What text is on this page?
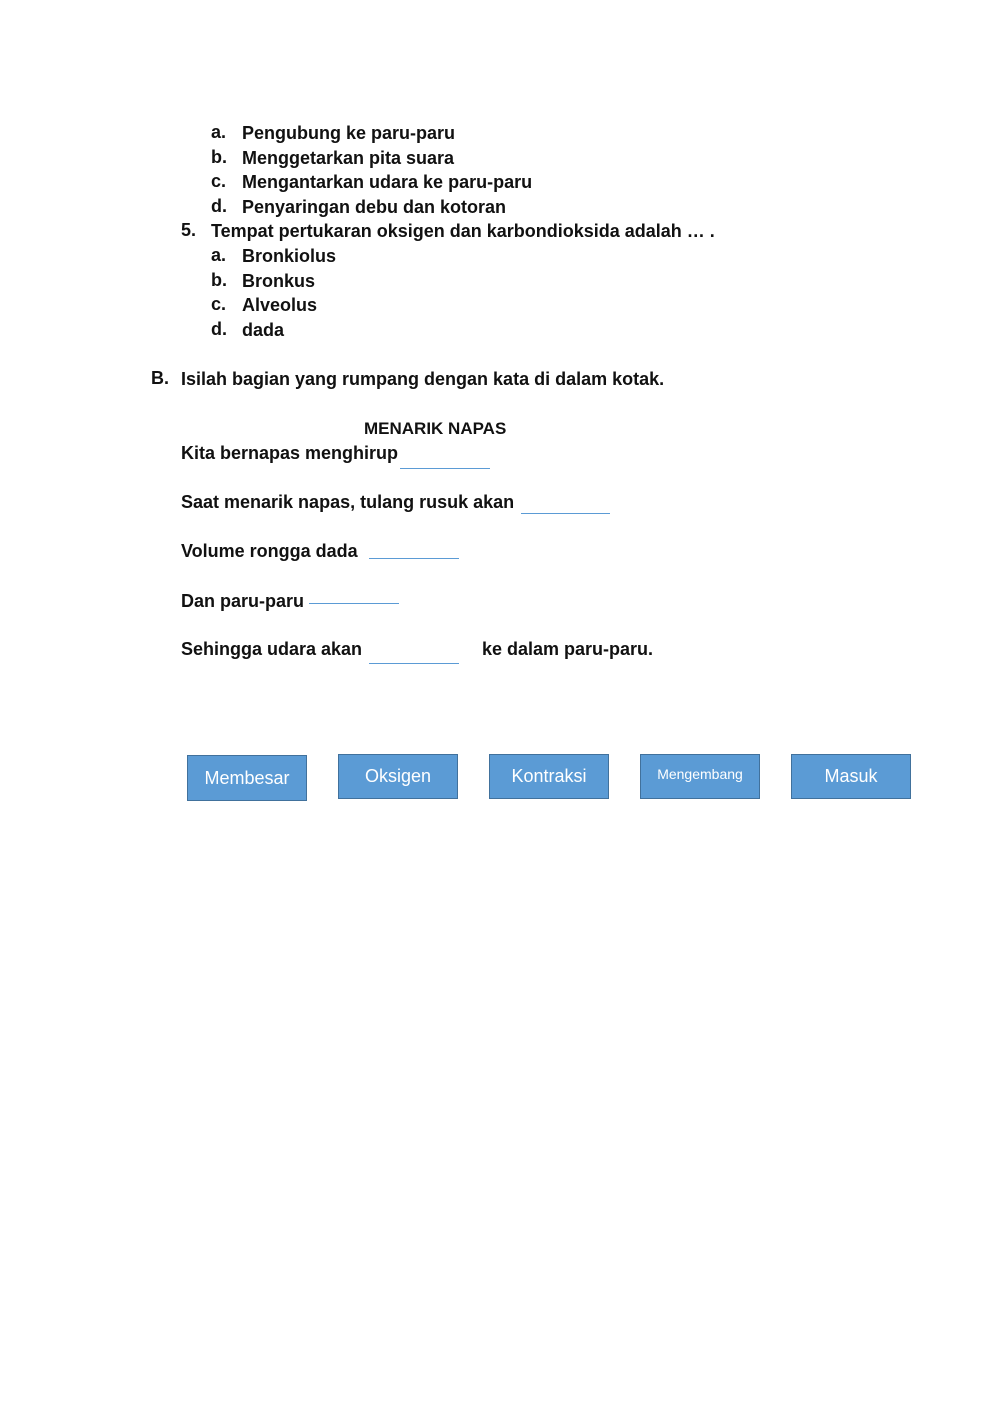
a. Pengubung ke paru-paru
b. Menggetarkan pita suara
c. Mengantarkan udara ke paru-paru
d. Penyaringan debu dan kotoran
5. Tempat pertukaran oksigen dan karbondioksida adalah … .
a. Bronkiolus
b. Bronkus
c. Alveolus
d. dada
B. Isilah bagian yang rumpang dengan kata di dalam kotak.
MENARIK NAPAS
Kita bernapas menghirup
Saat menarik napas, tulang rusuk akan
Volume rongga dada
Dan paru-paru
Sehingga udara akan	ke dalam paru-paru.
Membesar	Oksigen	Kontraksi	Mengembang	Masuk
